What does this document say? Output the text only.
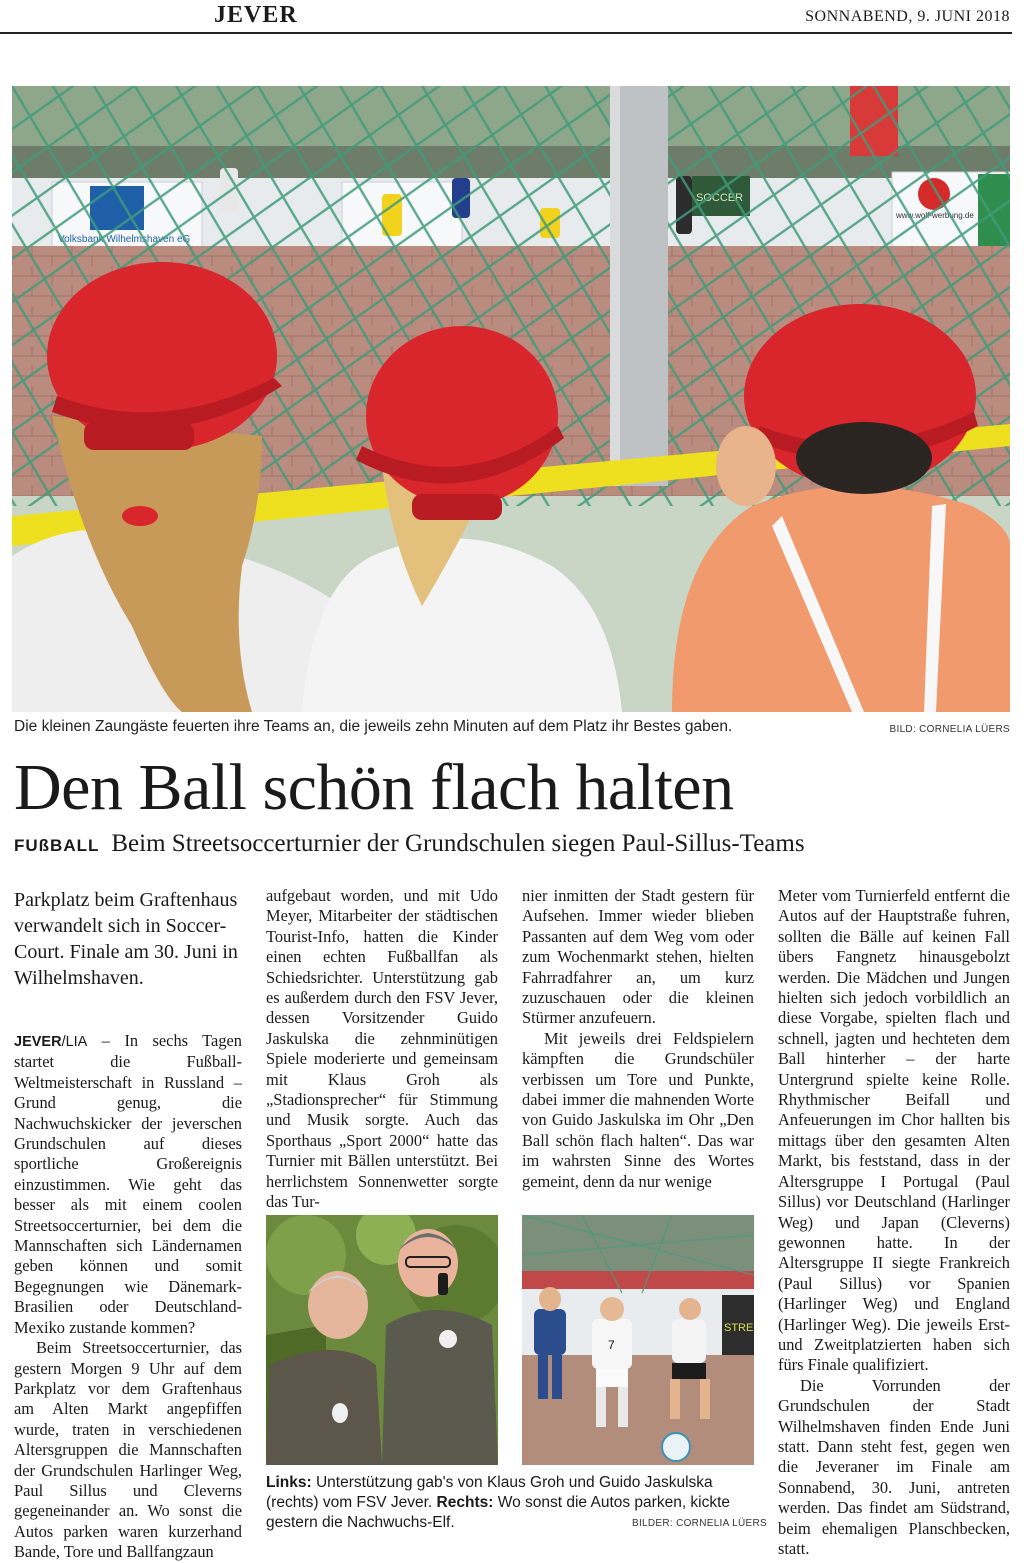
JEVER	SONNABEND, 9. JUNI 2018
Die kleinen Zaungäste feuerten ihre Teams an, die jeweils zehn Minuten auf dem Platz ihr Bestes gaben.	BILD: CORNELIA LÜERS
Den Ball schön flach halten
FUßBALL Beim Streetsoccerturnier der Grundschulen siegen Paul-Sillus-Teams
Parkplatz beim Graftenhaus verwandelt sich in Soccer-Court. Finale am 30. Juni in Wilhelmshaven.

JEVER/LIA – In sechs Tagen startet die Fußball-Weltmeisterschaft in Russland – Grund genug, die Nachwuchskicker der jeverschen Grundschulen auf dieses sportliche Großereignis einzustimmen. Wie geht das besser als mit einem coolen Streetsoccerturnier, bei dem die Mannschaften sich Ländernamen geben können und somit Begegnungen wie Dänemark-Brasilien oder Deutschland-Mexiko zustande kommen?

Beim Streetsoccerturnier, das gestern Morgen 9 Uhr auf dem Parkplatz vor dem Graftenhaus am Alten Markt angepfiffen wurde, traten in verschiedenen Altersgruppen die Mannschaften der Grundschulen Harlinger Weg, Paul Sillus und Cleverns gegeneinander an. Wo sonst die Autos parken waren kurzerhand Bande, Tore und Ballfangzaun

aufgebaut worden, und mit Udo Meyer, Mitarbeiter der städtischen Tourist-Info, hatten die Kinder einen echten Fußballfan als Schiedsrichter. Unterstützung gab es außerdem durch den FSV Jever, dessen Vorsitzender Guido Jaskulska die zehnminütigen Spiele moderierte und gemeinsam mit Klaus Groh als „Stadionsprecher“ für Stimmung und Musik sorgte. Auch das Sporthaus „Sport 2000“ hatte das Turnier mit Bällen unterstützt. Bei herrlichstem Sonnenwetter sorgte das Tur-

nier inmitten der Stadt gestern für Aufsehen. Immer wieder blieben Passanten auf dem Weg vom oder zum Wochenmarkt stehen, hielten Fahrradfahrer an, um kurz zuzuschauen oder die kleinen Stürmer anzufeuern.

Mit jeweils drei Feldspielern kämpften die Grundschüler verbissen um Tore und Punkte, dabei immer die mahnenden Worte von Guido Jaskulska im Ohr „Den Ball schön flach halten“. Das war im wahrsten Sinne des Wortes gemeint, denn da nur wenige

Meter vom Turnierfeld entfernt die Autos auf der Hauptstraße fuhren, sollten die Bälle auf keinen Fall übers Fangnetz hinausgebolzt werden. Die Mädchen und Jungen hielten sich jedoch vorbildlich an diese Vorgabe, spielten flach und schnell, jagten und hechteten dem Ball hinterher – der harte Untergrund spielte keine Rolle. Rhythmischer Beifall und Anfeuerungen im Chor hallten bis mittags über den gesamten Alten Markt, bis feststand, dass in der Altersgruppe I Portugal (Paul Sillus) vor Deutschland (Harlinger Weg) und Japan (Cleverns) gewonnen hatte. In der Altersgruppe II siegte Frankreich (Paul Sillus) vor Spanien (Harlinger Weg) und England (Harlinger Weg). Die jeweils Erst- und Zweitplatzierten haben sich fürs Finale qualifiziert.

Die Vorrunden der Grundschulen der Stadt Wilhelmshaven finden Ende Juni statt. Dann steht fest, gegen wen die Jeveraner im Finale am Sonnabend, 30. Juni, antreten werden. Das findet am Südstrand, beim ehemaligen Planschbecken, statt.

STRE
7
Links: Unterstützung gab's von Klaus Groh und Guido Jaskulska (rechts) vom FSV Jever. Rechts: Wo sonst die Autos parken, kickte gestern die Nachwuchs-Elf.	BILDER: CORNELIA LÜERS
